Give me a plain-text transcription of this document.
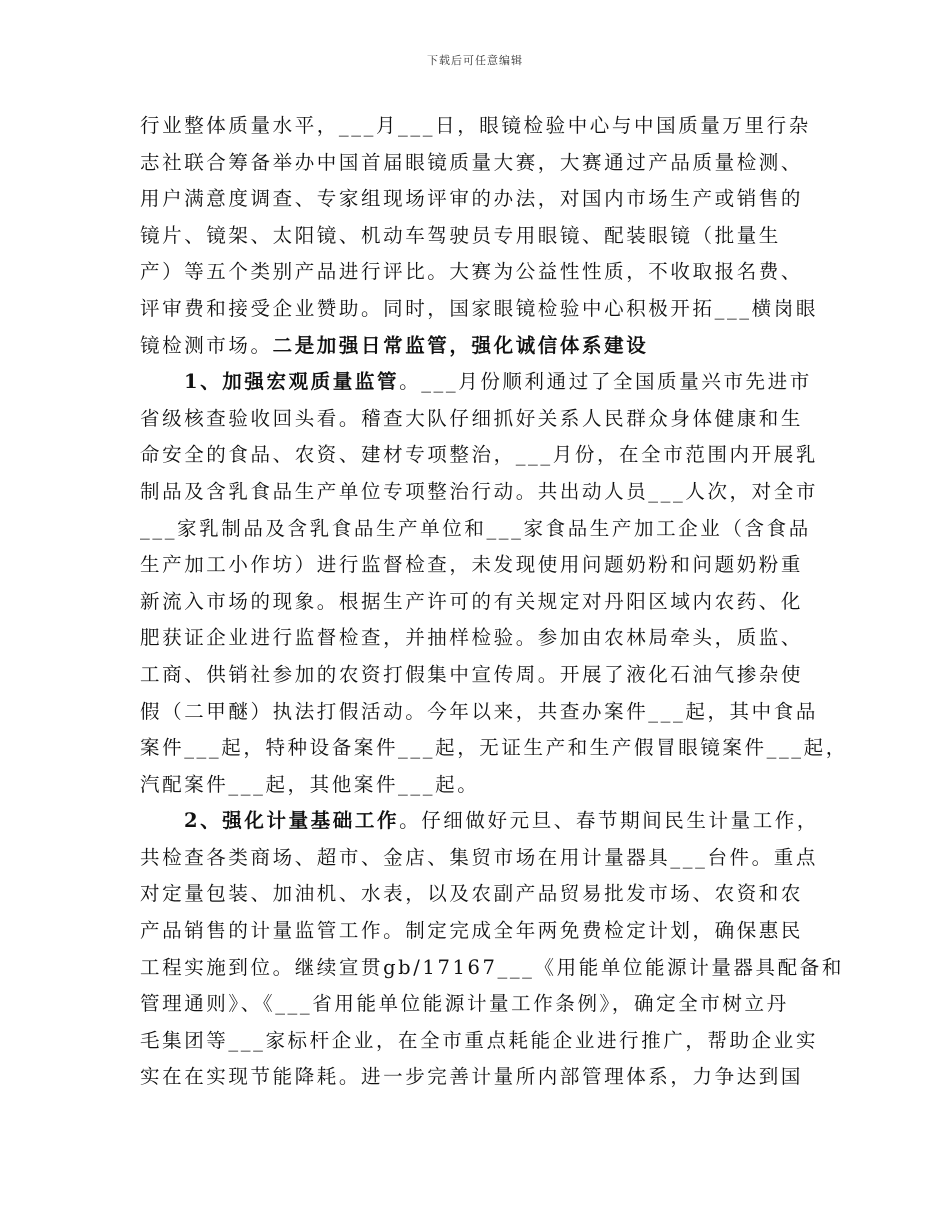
下载后可任意编辑
行业整体质量水平，___月___日，眼镜检验中心与中国质量万里行杂
志社联合筹备举办中国首届眼镜质量大赛，大赛通过产品质量检测、
用户满意度调查、专家组现场评审的办法，对国内市场生产或销售的
镜片、镜架、太阳镜、机动车驾驶员专用眼镜、配装眼镜（批量生
产）等五个类别产品进行评比。大赛为公益性性质，不收取报名费、
评审费和接受企业赞助。同时，国家眼镜检验中心积极开拓___横岗眼
镜检测市场。二是加强日常监管，强化诚信体系建设
1、加强宏观质量监管。___月份顺利通过了全国质量兴市先进市
省级核查验收回头看。稽查大队仔细抓好关系人民群众身体健康和生
命安全的食品、农资、建材专项整治，___月份，在全市范围内开展乳
制品及含乳食品生产单位专项整治行动。共出动人员___人次，对全市
___家乳制品及含乳食品生产单位和___家食品生产加工企业（含食品
生产加工小作坊）进行监督检查，未发现使用问题奶粉和问题奶粉重
新流入市场的现象。根据生产许可的有关规定对丹阳区域内农药、化
肥获证企业进行监督检查，并抽样检验。参加由农林局牵头，质监、
工商、供销社参加的农资打假集中宣传周。开展了液化石油气掺杂使
假（二甲醚）执法打假活动。今年以来，共查办案件___起，其中食品
案件___起，特种设备案件___起，无证生产和生产假冒眼镜案件___起，
汽配案件___起，其他案件___起。
2、强化计量基础工作。仔细做好元旦、春节期间民生计量工作，
共检查各类商场、超市、金店、集贸市场在用计量器具___台件。重点
对定量包装、加油机、水表，以及农副产品贸易批发市场、农资和农
产品销售的计量监管工作。制定完成全年两免费检定计划，确保惠民
工程实施到位。继续宣贯gb/17167___《用能单位能源计量器具配备和
管理通则》、《___省用能单位能源计量工作条例》，确定全市树立丹
毛集团等___家标杆企业，在全市重点耗能企业进行推广，帮助企业实
实在在实现节能降耗。进一步完善计量所内部管理体系，力争达到国
